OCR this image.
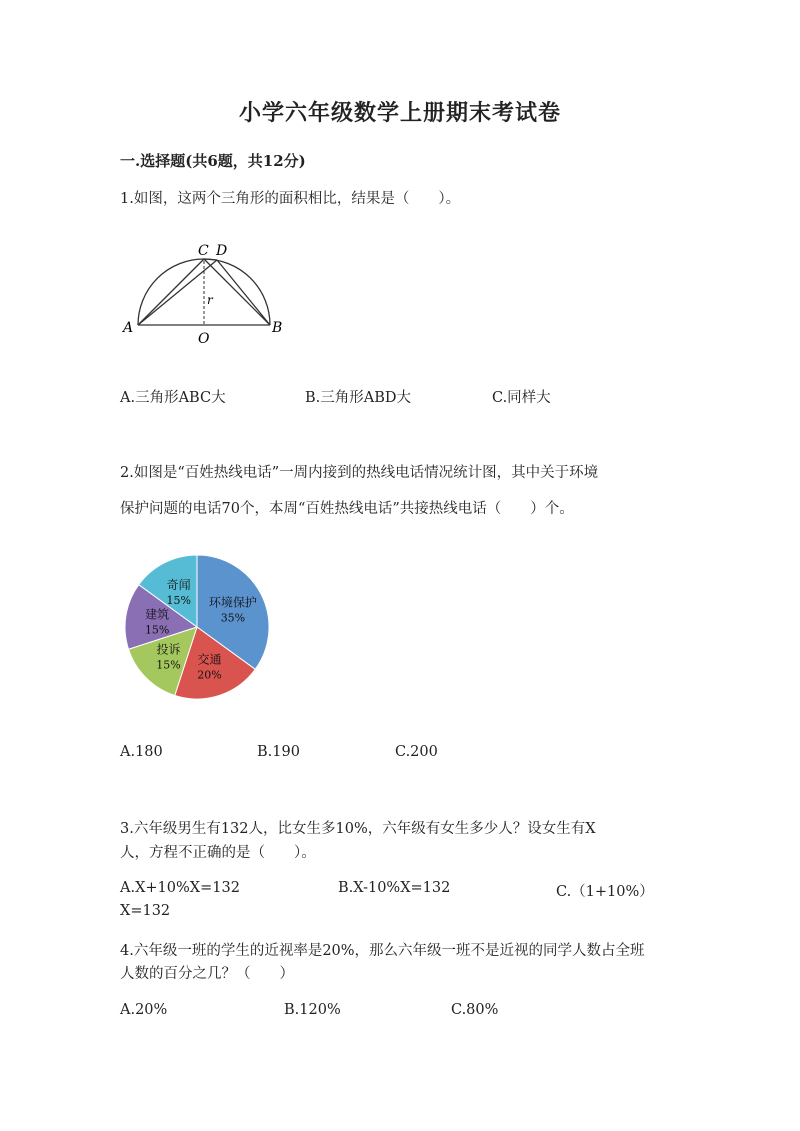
小学六年级数学上册期末考试卷
一.选择题(共6题，共12分)
1.如图，这两个三角形的面积相比，结果是（　　）。
C D
A	B
O
r
A.三角形ABC大	B.三角形ABD大	C.同样大
2.如图是“百姓热线电话”一周内接到的热线电话情况统计图，其中关于环境
保护问题的电话70个，本周“百姓热线电话”共接热线电话（　　）个。
环境保护
35%
交通
20%
投诉
15%
建筑
15%
奇闻
15%
A.180	B.190	C.200
3.六年级男生有132人，比女生多10%，六年级有女生多少人？设女生有X
人，方程不正确的是（　　）。
A.X+10%X=132	B.X-10%X=132	C.（1+10%）
X=132
4.六年级一班的学生的近视率是20%，那么六年级一班不是近视的同学人数占全班
人数的百分之几？（　　）
A.20%	B.120%	C.80%
